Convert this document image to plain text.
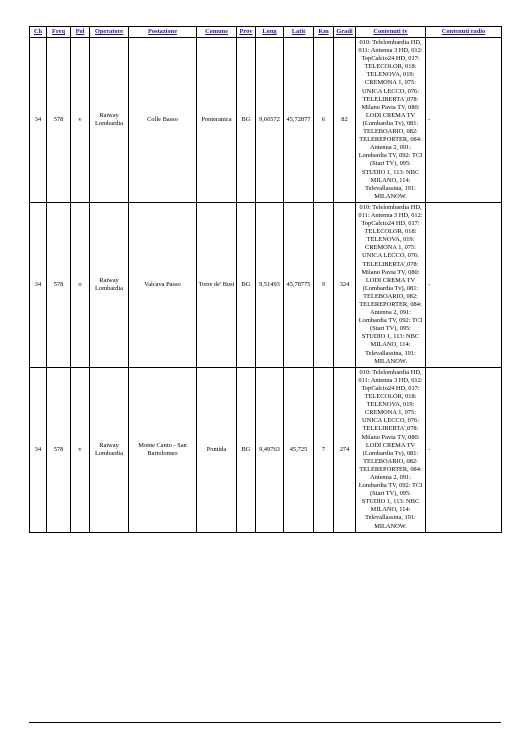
Ch	Freq	Pol	Operatore	Postazione	Comune	Prov	Long	Latit	Km	Gradi	Contenuti tv	Contenuti radio
34	578	v	Raiway Lombardia	Colle Basso	Ponteranica	BG	9,66572	45,72877	6	82	010: Telelombardia HD, 011: Antenna 3 HD, 012: TopCalcio24 HD, 017: TELECOLOR, 018: TELENOVA, 019: CREMONA 1, 075: UNICA LECCO, 076: TELELIBERTA',078: Milano Pavia TV, 080: LODI CREMA TV (Lombardia Tv), 081: TELEBOARIO, 082: TELEREPORTER, 084: Antenna 2, 091: Lombardia TV, 092: TCI (Start TV), 095: STUDIO 1, 113: NBC MILANO, 114: Televallassina, 191: MILANOW.	-
34	578	o	Raiway Lombardia	Valcava Passo	Torre de' Busi	BG	9,51493	45,78775	9	324	010: Telelombardia HD, 011: Antenna 3 HD, 012: TopCalcio24 HD, 017: TELECOLOR, 018: TELENOVA, 019: CREMONA 1, 075: UNICA LECCO, 076: TELELIBERTA',078: Milano Pavia TV, 080: LODI CREMA TV (Lombardia Tv), 081: TELEBOARIO, 082: TELEREPORTER, 084: Antenna 2, 091: Lombardia TV, 092: TCI (Start TV), 095: STUDIO 1, 113: NBC MILANO, 114: Televallassina, 191: MILANOW.	-
34	578	v	Raiway Lombardia	Monte Canto - San Bartolomeo	Pontida	BG	9,49763	45,725	7	274	010: Telelombardia HD, 011: Antenna 3 HD, 012: TopCalcio24 HD, 017: TELECOLOR, 018: TELENOVA, 019: CREMONA 1, 075: UNICA LECCO, 076: TELELIBERTA',078: Milano Pavia TV, 080: LODI CREMA TV (Lombardia Tv), 081: TELEBOARIO, 082: TELEREPORTER, 084: Antenna 2, 091: Lombardia TV, 092: TCI (Start TV), 095: STUDIO 1, 113: NBC MILANO, 114: Televallassina, 191: MILANOW.	-
